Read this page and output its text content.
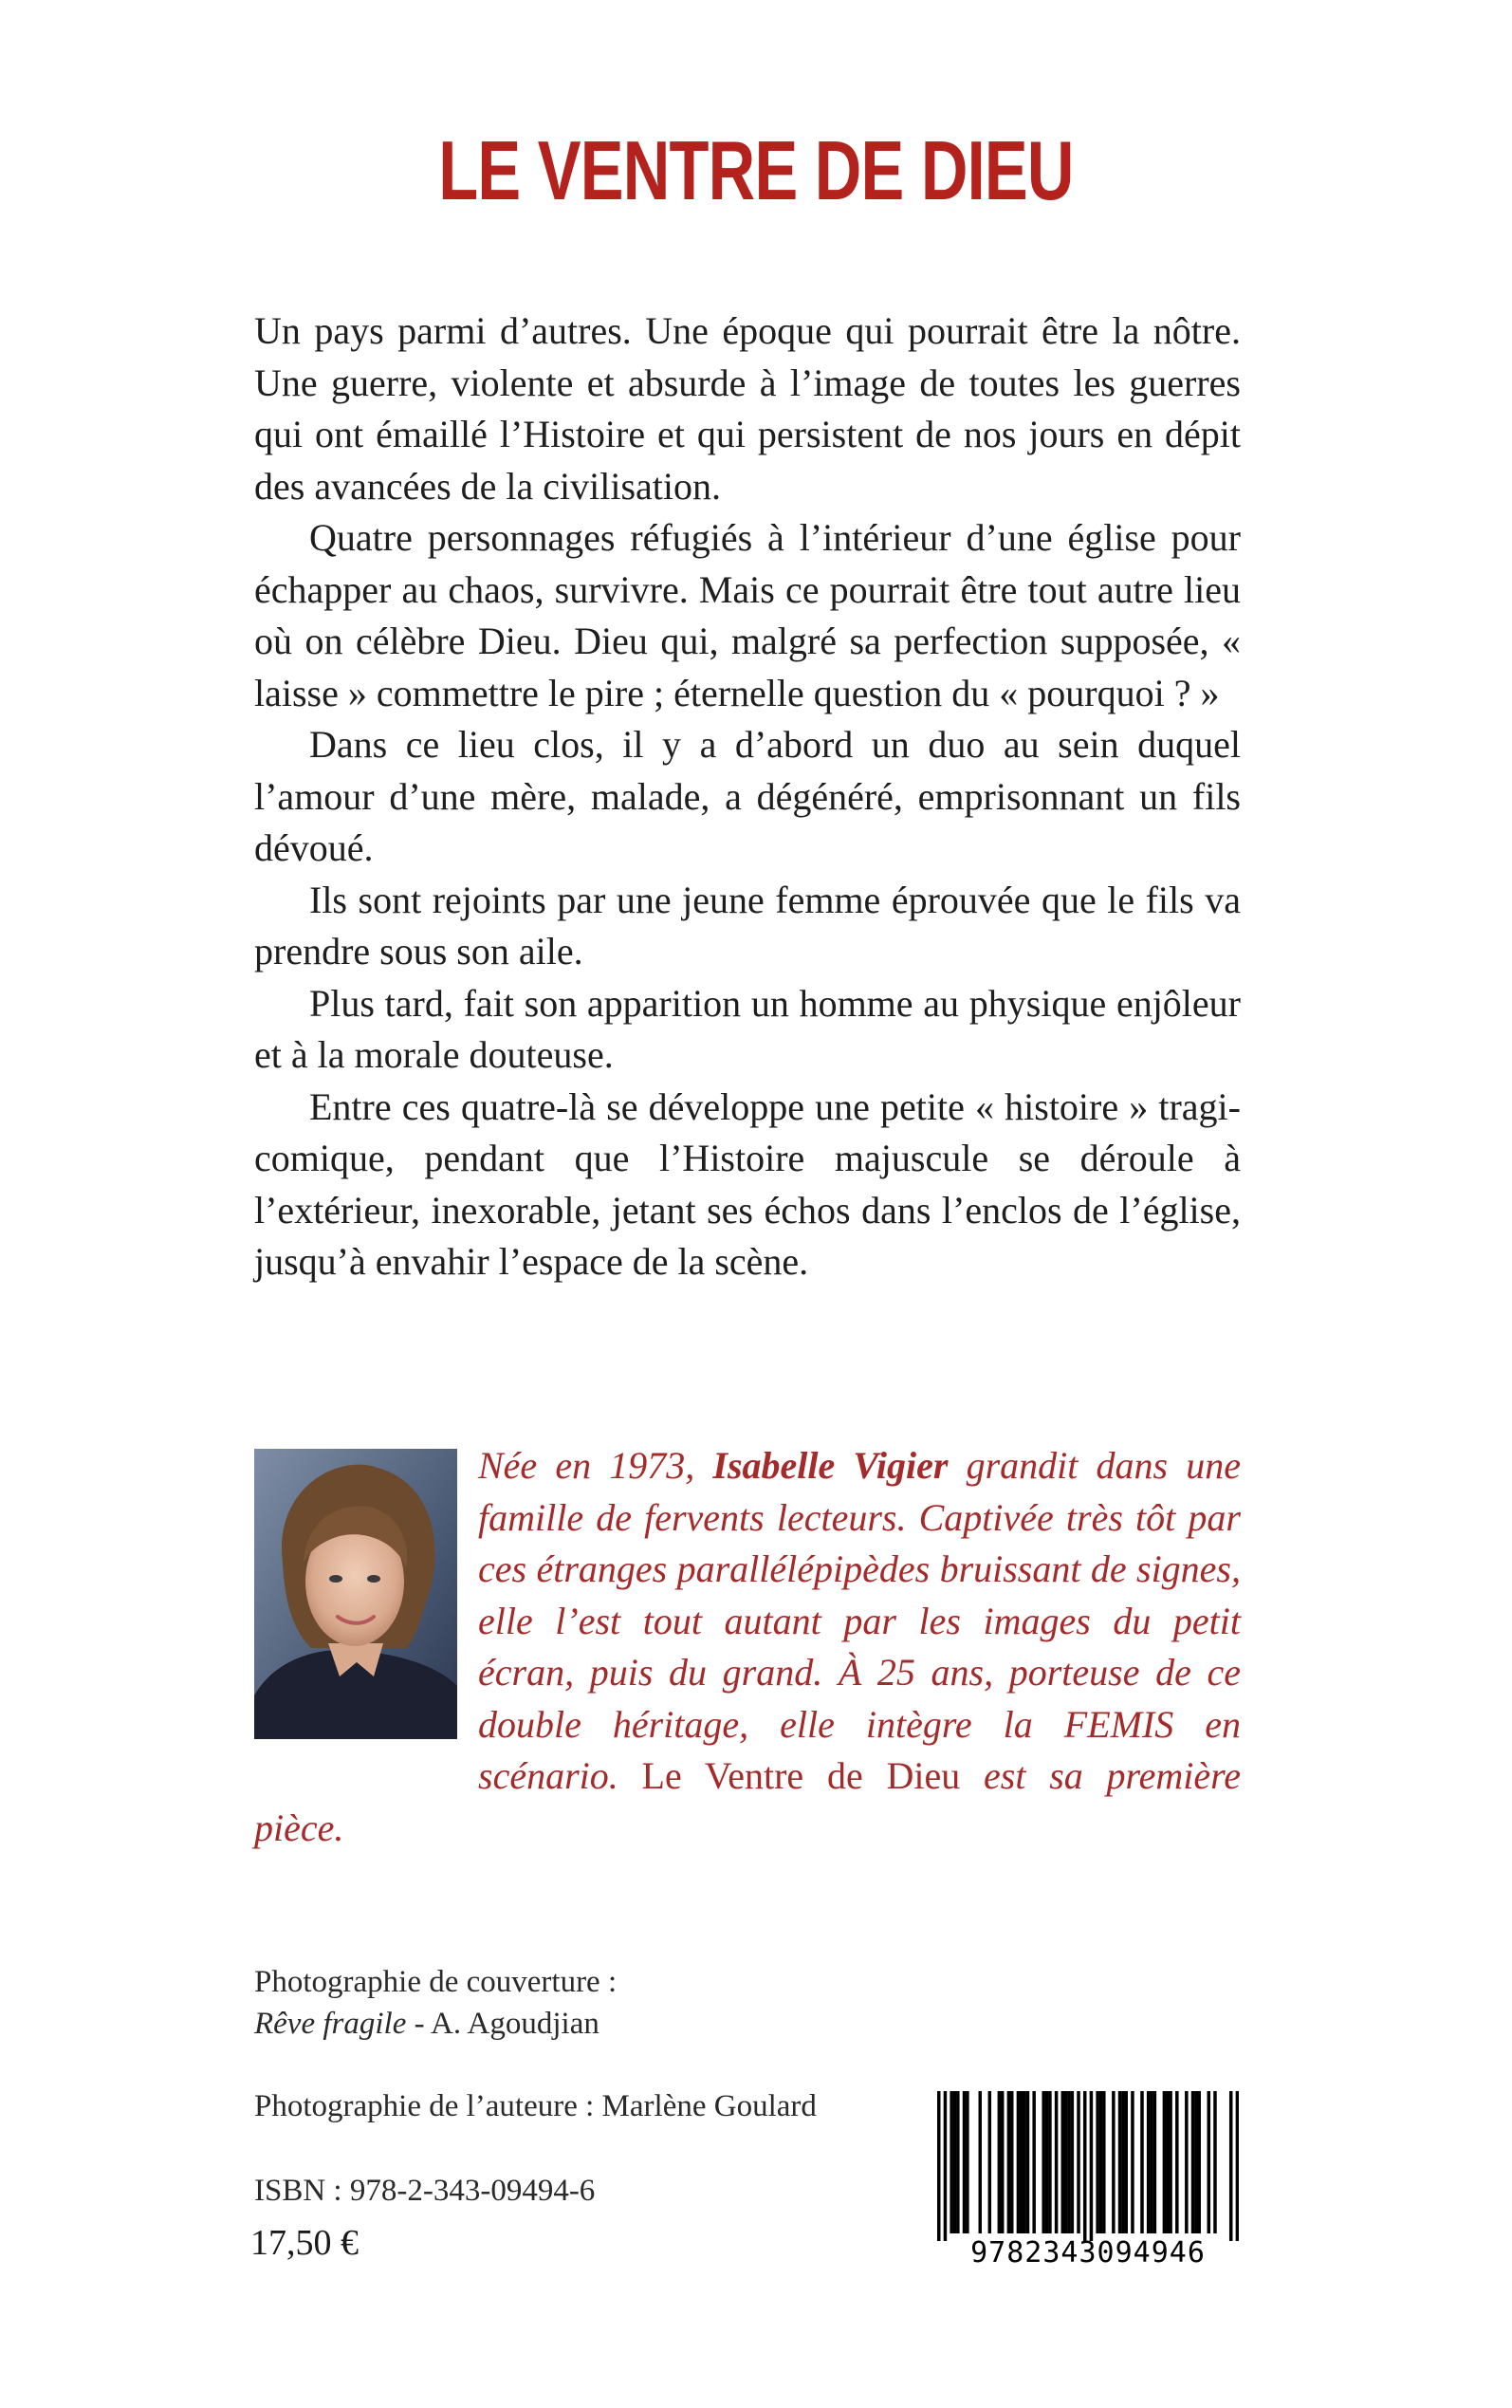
LE VENTRE DE DIEU

Un pays parmi d’autres. Une époque qui pourrait être la nôtre. Une guerre, violente et absurde à l’image de toutes les guerres qui ont émaillé l’Histoire et qui persistent de nos jours en dépit des avancées de la civilisation.

Quatre personnages réfugiés à l’intérieur d’une église pour échapper au chaos, survivre. Mais ce pourrait être tout autre lieu où on célèbre Dieu. Dieu qui, malgré sa perfection supposée, « laisse » commettre le pire ; éternelle question du « pourquoi ? »

Dans ce lieu clos, il y a d’abord un duo au sein duquel l’amour d’une mère, malade, a dégénéré, emprisonnant un fils dévoué.

Ils sont rejoints par une jeune femme éprouvée que le fils va prendre sous son aile.

Plus tard, fait son apparition un homme au physique enjôleur et à la morale douteuse.

Entre ces quatre-là se développe une petite « histoire » tragi-comique, pendant que l’Histoire majuscule se déroule à l’extérieur, inexorable, jetant ses échos dans l’enclos de l’église, jusqu’à envahir l’espace de la scène.

Née en 1973, Isabelle Vigier grandit dans une famille de fervents lecteurs. Captivée très tôt par ces étranges parallélépipèdes bruissant de signes, elle l’est tout autant par les images du petit écran, puis du grand. À 25 ans, porteuse de ce double héritage, elle intègre la FEMIS en scénario. Le Ventre de Dieu est sa première pièce.

Photographie de couverture :
Rêve fragile - A. Agoudjian
Photographie de l’auteure : Marlène Goulard
ISBN : 978-2-343-09494-6
17,50 €	9782343094946
